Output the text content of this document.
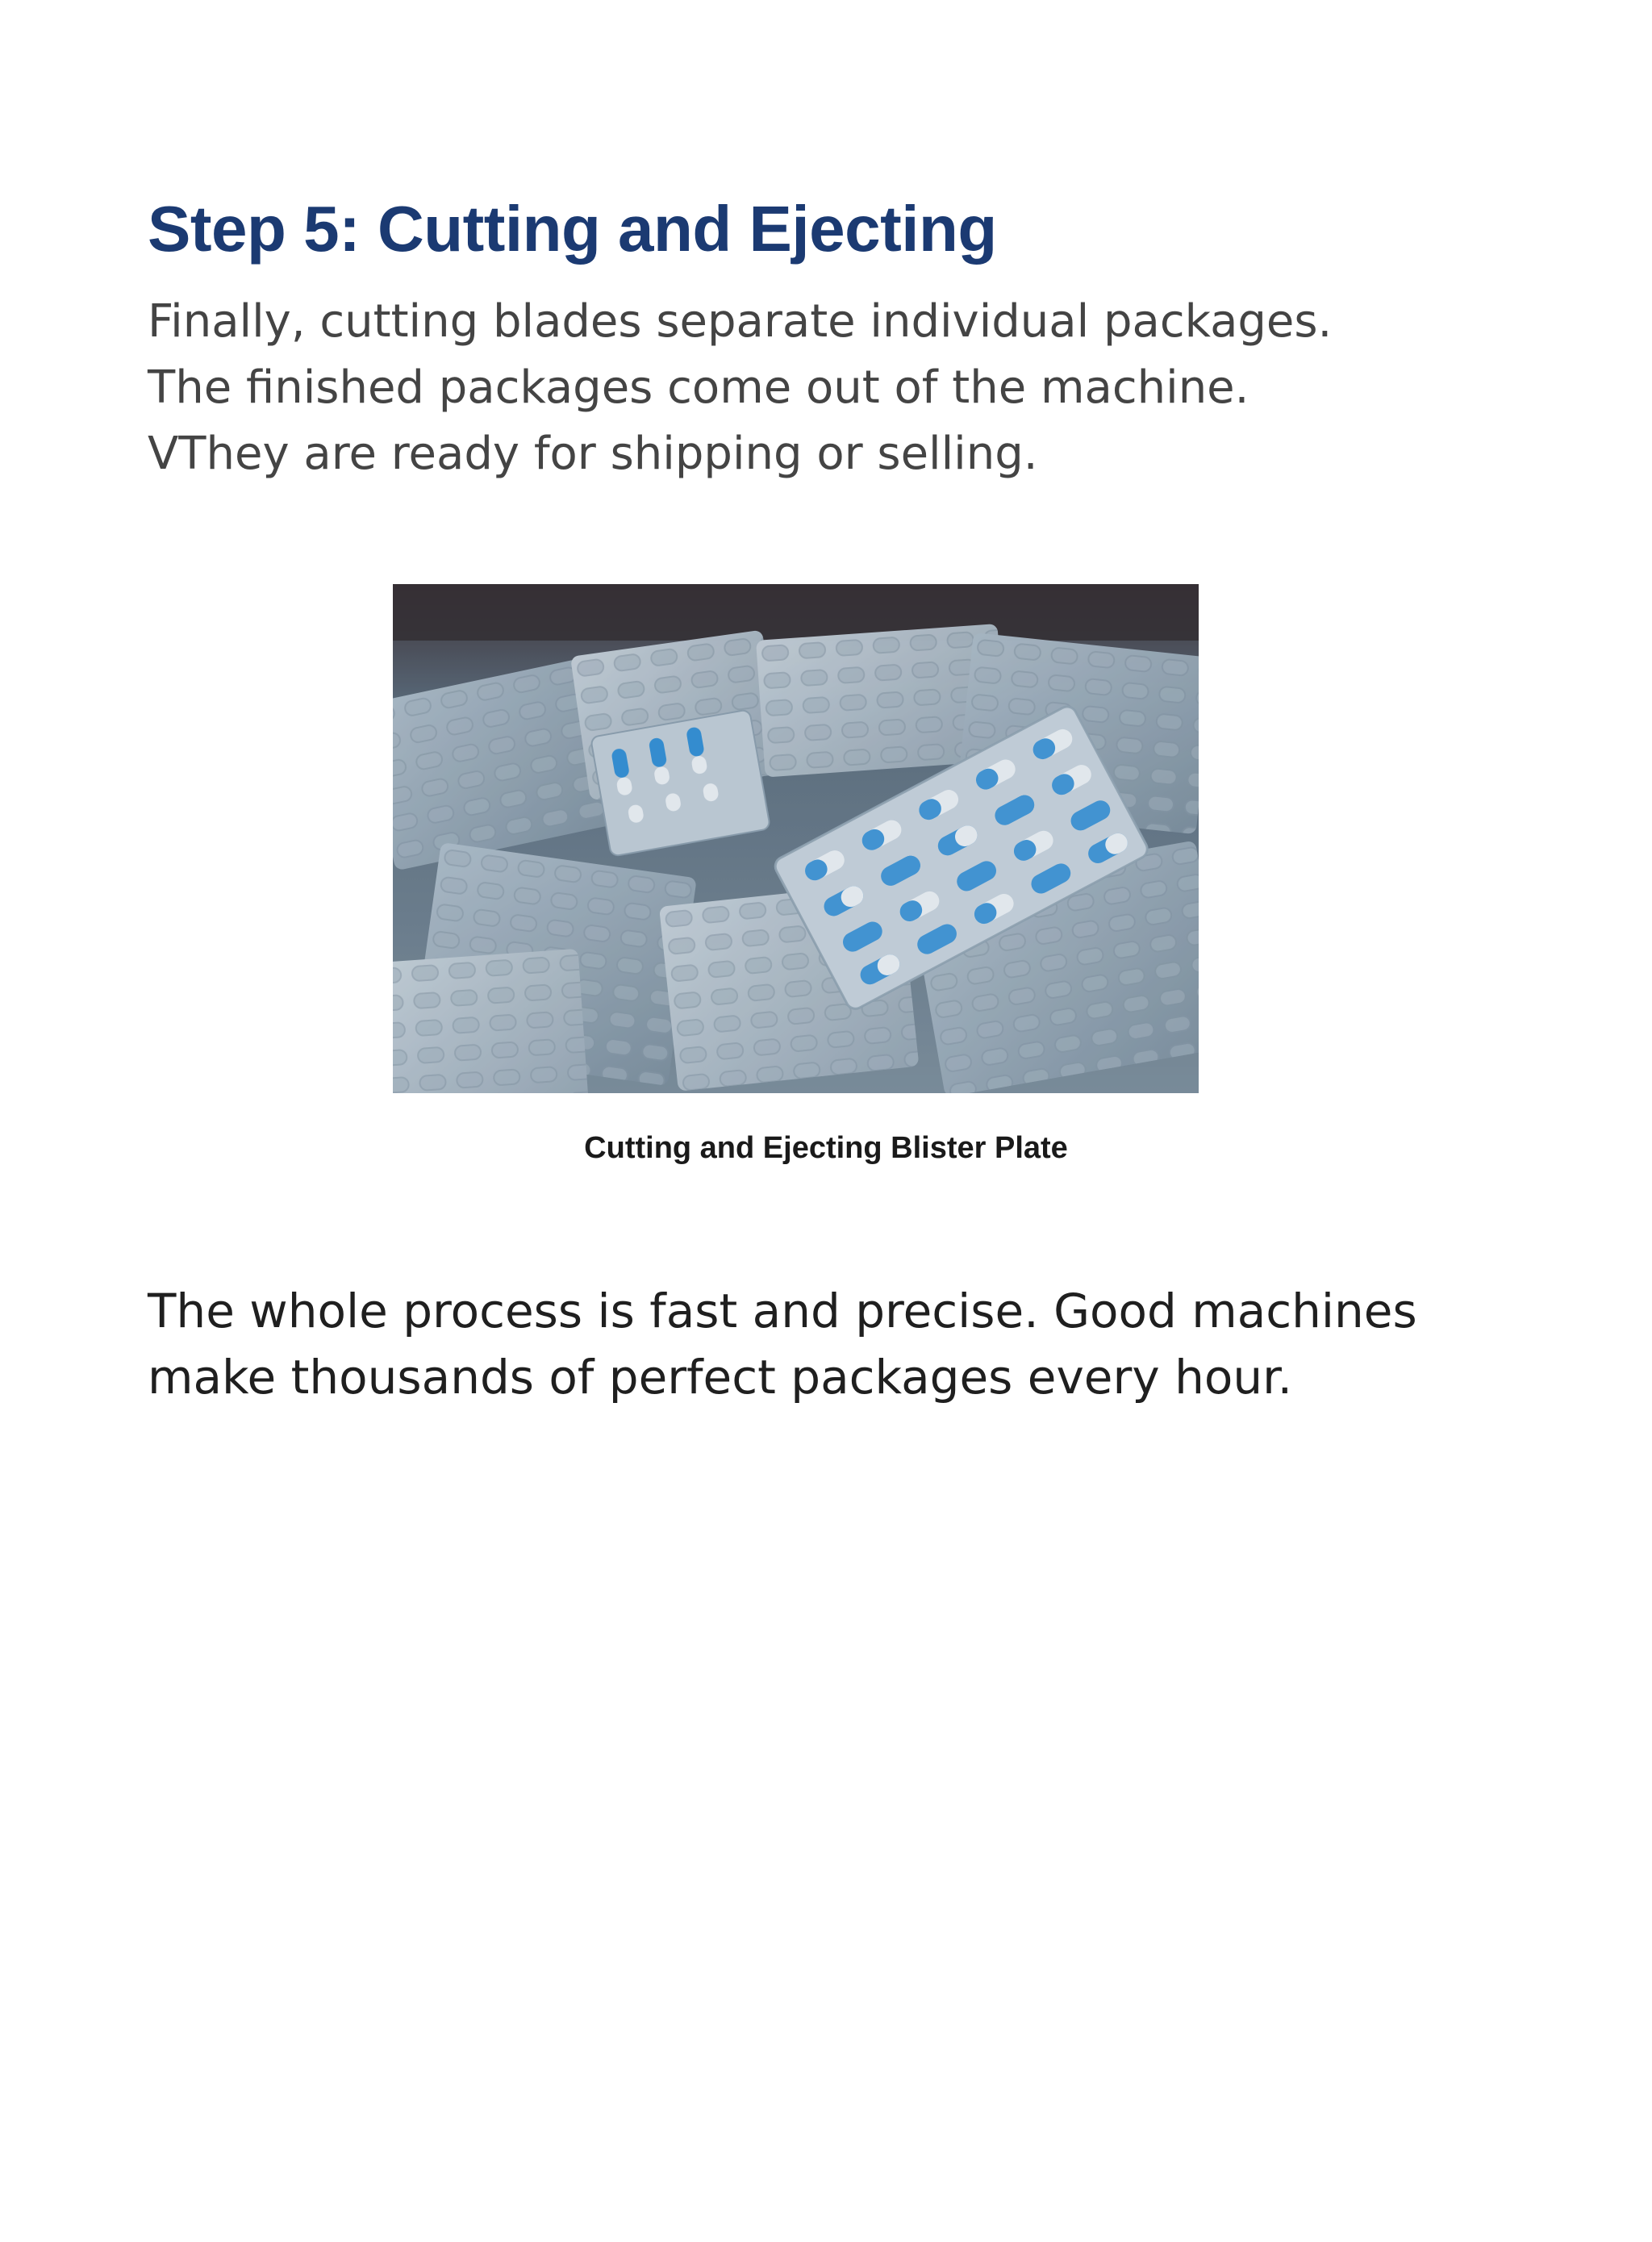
Step 5: Cutting and Ejecting

Finally, cutting blades separate individual packages.
The finished packages come out of the machine.
VThey are ready for shipping or selling.

Cutting and Ejecting Blister Plate

The whole process is fast and precise. Good machines
make thousands of perfect packages every hour.
